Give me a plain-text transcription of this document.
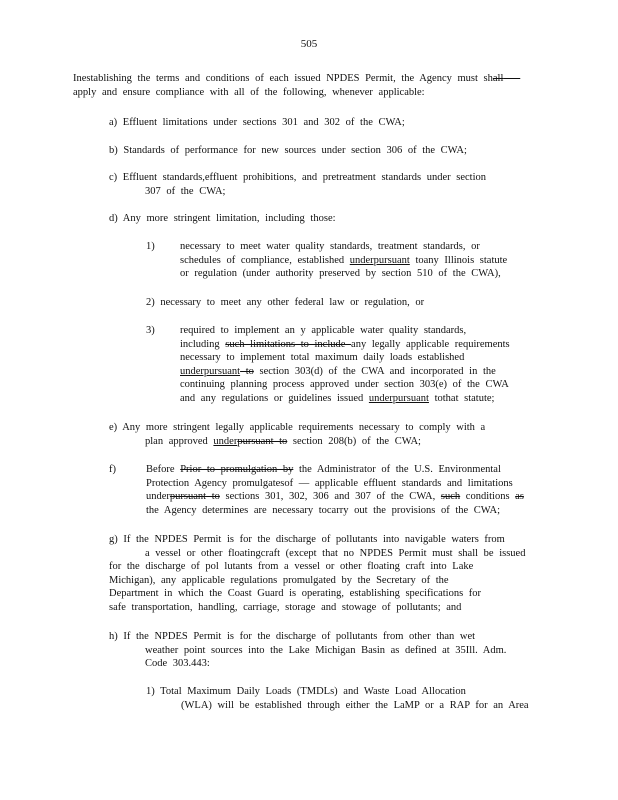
505
Inestablishing the terms and conditions of each issued NPDES Permit, the Agency must shall
apply and ensure compliance with all of the following, whenever applicable:
a) Effluent limitations under sections 301 and 302 of the CWA;
b) Standards of performance for new sources under section 306 of the CWA;
c) Effluent standards,effluent prohibitions, and pretreatment standards under section
307 of the CWA;
d) Any more stringent limitation, including those:
1) necessary to meet water quality standards, treatment standards, or
schedules of compliance, established underpursuant toany Illinois statute
or regulation (under authority preserved by section 510 of the CWA),
2) necessary to meet any other federal law or regulation, or
3) required to implement an y applicable water quality standards,
including such limitations to include any legally applicable requirements
necessary to implement total maximum daily loads established
underpursuant to section 303(d) of the CWA and incorporated in the
continuing planning process approved under section 303(e) of the CWA
and any regulations or guidelines issued underpursuant tothat statute;
e) Any more stringent legally applicable requirements necessary to comply with a
plan approved underpursuant to section 208(b) of the CWA;
f)	Before Prior to promulgation by the Administrator of the U.S. Environmental
Protection Agency promulgatesof — applicable effluent standards and limitations
underpursuant to sections 301, 302, 306 and 307 of the CWA, such conditions as
the Agency determines are necessary tocarry out the provisions of the CWA;
g) If the NPDES Permit is for the discharge of pollutants into navigable waters from
a vessel or other floatingcraft (except that no NPDES Permit must shall be issued
for the discharge of pol lutants from a vessel or other floating craft into Lake
Michigan), any applicable regulations promulgated by the Secretary of the
Department in which the Coast Guard is operating, establishing specifications for
safe transportation, handling, carriage, storage and stowage of pollutants; and
h) If the NPDES Permit is for the discharge of pollutants from other than wet
weather point sources into the Lake Michigan Basin as defined at 35Ill. Adm.
Code 303.443:
1) Total Maximum Daily Loads (TMDLs) and Waste Load Allocation
(WLA) will be established through either the LaMP or a RAP for an Area
